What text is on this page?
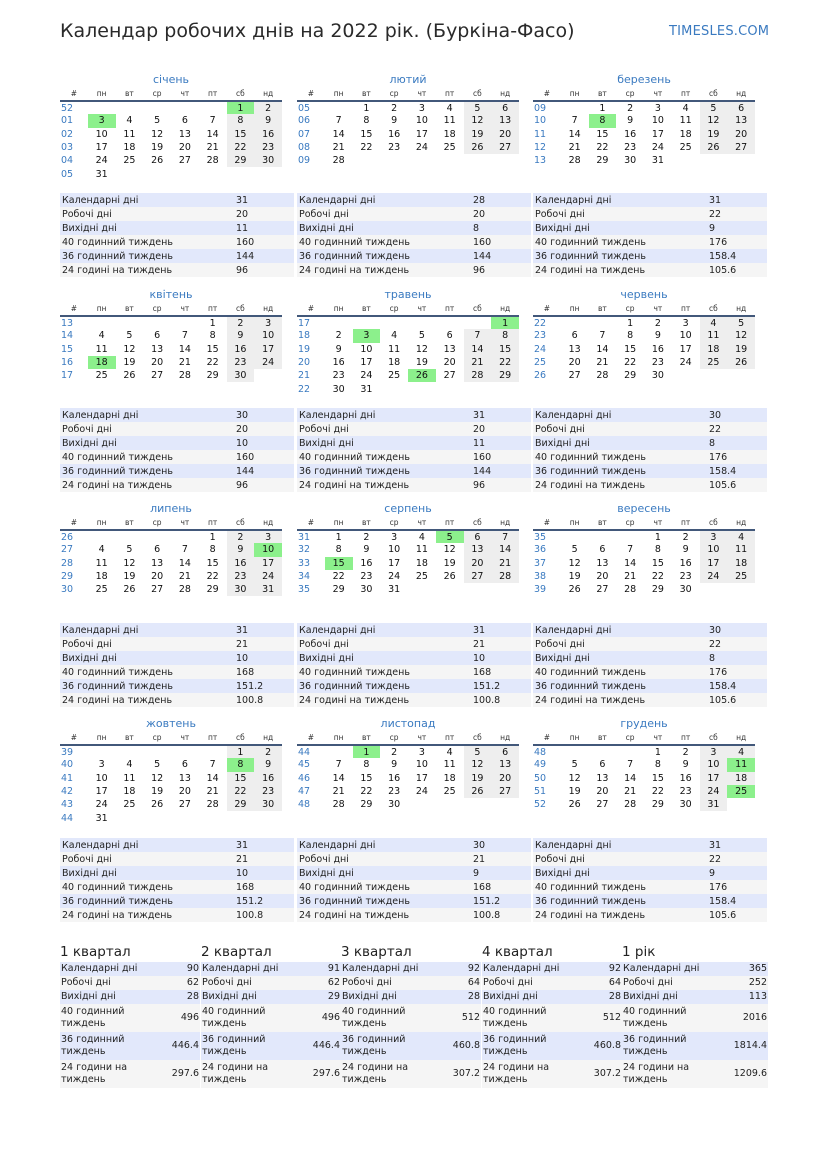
Календар робочих днів на 2022 рік. (Буркіна-Фасо)	TIMESLES.COM
січень
#	пн	вт	ср	чт	пт	сб	нд
52						1	2
01	3	4	5	6	7	8	9
02	10	11	12	13	14	15	16
03	17	18	19	20	21	22	23
04	24	25	26	27	28	29	30
05	31						
Календарні дні	31
Робочі дні	20
Вихідні дні	11
40 годинний тиждень	160
36 годинний тиждень	144
24 годині на тиждень	96
лютий
#	пн	вт	ср	чт	пт	сб	нд
05		1	2	3	4	5	6
06	7	8	9	10	11	12	13
07	14	15	16	17	18	19	20
08	21	22	23	24	25	26	27
09	28						
Календарні дні	28
Робочі дні	20
Вихідні дні	8
40 годинний тиждень	160
36 годинний тиждень	144
24 годині на тиждень	96
березень
#	пн	вт	ср	чт	пт	сб	нд
09		1	2	3	4	5	6
10	7	8	9	10	11	12	13
11	14	15	16	17	18	19	20
12	21	22	23	24	25	26	27
13	28	29	30	31			
Календарні дні	31
Робочі дні	22
Вихідні дні	9
40 годинний тиждень	176
36 годинний тиждень	158.4
24 годині на тиждень	105.6
квітень
#	пн	вт	ср	чт	пт	сб	нд
13					1	2	3
14	4	5	6	7	8	9	10
15	11	12	13	14	15	16	17
16	18	19	20	21	22	23	24
17	25	26	27	28	29	30	
Календарні дні	30
Робочі дні	20
Вихідні дні	10
40 годинний тиждень	160
36 годинний тиждень	144
24 годині на тиждень	96
травень
#	пн	вт	ср	чт	пт	сб	нд
17							1
18	2	3	4	5	6	7	8
19	9	10	11	12	13	14	15
20	16	17	18	19	20	21	22
21	23	24	25	26	27	28	29
22	30	31					
Календарні дні	31
Робочі дні	20
Вихідні дні	11
40 годинний тиждень	160
36 годинний тиждень	144
24 годині на тиждень	96
червень
#	пн	вт	ср	чт	пт	сб	нд
22			1	2	3	4	5
23	6	7	8	9	10	11	12
24	13	14	15	16	17	18	19
25	20	21	22	23	24	25	26
26	27	28	29	30			
Календарні дні	30
Робочі дні	22
Вихідні дні	8
40 годинний тиждень	176
36 годинний тиждень	158.4
24 годині на тиждень	105.6
липень
#	пн	вт	ср	чт	пт	сб	нд
26					1	2	3
27	4	5	6	7	8	9	10
28	11	12	13	14	15	16	17
29	18	19	20	21	22	23	24
30	25	26	27	28	29	30	31
Календарні дні	31
Робочі дні	21
Вихідні дні	10
40 годинний тиждень	168
36 годинний тиждень	151.2
24 годині на тиждень	100.8
серпень
#	пн	вт	ср	чт	пт	сб	нд
31	1	2	3	4	5	6	7
32	8	9	10	11	12	13	14
33	15	16	17	18	19	20	21
34	22	23	24	25	26	27	28
35	29	30	31				
Календарні дні	31
Робочі дні	21
Вихідні дні	10
40 годинний тиждень	168
36 годинний тиждень	151.2
24 годині на тиждень	100.8
вересень
#	пн	вт	ср	чт	пт	сб	нд
35				1	2	3	4
36	5	6	7	8	9	10	11
37	12	13	14	15	16	17	18
38	19	20	21	22	23	24	25
39	26	27	28	29	30		
Календарні дні	30
Робочі дні	22
Вихідні дні	8
40 годинний тиждень	176
36 годинний тиждень	158.4
24 годині на тиждень	105.6
жовтень
#	пн	вт	ср	чт	пт	сб	нд
39						1	2
40	3	4	5	6	7	8	9
41	10	11	12	13	14	15	16
42	17	18	19	20	21	22	23
43	24	25	26	27	28	29	30
44	31						
Календарні дні	31
Робочі дні	21
Вихідні дні	10
40 годинний тиждень	168
36 годинний тиждень	151.2
24 годині на тиждень	100.8
листопад
#	пн	вт	ср	чт	пт	сб	нд
44		1	2	3	4	5	6
45	7	8	9	10	11	12	13
46	14	15	16	17	18	19	20
47	21	22	23	24	25	26	27
48	28	29	30				
Календарні дні	30
Робочі дні	21
Вихідні дні	9
40 годинний тиждень	168
36 годинний тиждень	151.2
24 годині на тиждень	100.8
грудень
#	пн	вт	ср	чт	пт	сб	нд
48				1	2	3	4
49	5	6	7	8	9	10	11
50	12	13	14	15	16	17	18
51	19	20	21	22	23	24	25
52	26	27	28	29	30	31	
Календарні дні	31
Робочі дні	22
Вихідні дні	9
40 годинний тиждень	176
36 годинний тиждень	158.4
24 годині на тиждень	105.6
1 квартал
Календарні дні	90
Робочі дні	62
Вихідні дні	28
40 годинний тиждень	496
36 годинний тиждень	446.4
24 години на тиждень	297.6
2 квартал
Календарні дні	91
Робочі дні	62
Вихідні дні	29
40 годинний тиждень	496
36 годинний тиждень	446.4
24 години на тиждень	297.6
3 квартал
Календарні дні	92
Робочі дні	64
Вихідні дні	28
40 годинний тиждень	512
36 годинний тиждень	460.8
24 години на тиждень	307.2
4 квартал
Календарні дні	92
Робочі дні	64
Вихідні дні	28
40 годинний тиждень	512
36 годинний тиждень	460.8
24 години на тиждень	307.2
1 рік
Календарні дні	365
Робочі дні	252
Вихідні дні	113
40 годинний тиждень	2016
36 годинний тиждень	1814.4
24 години на тиждень	1209.6
